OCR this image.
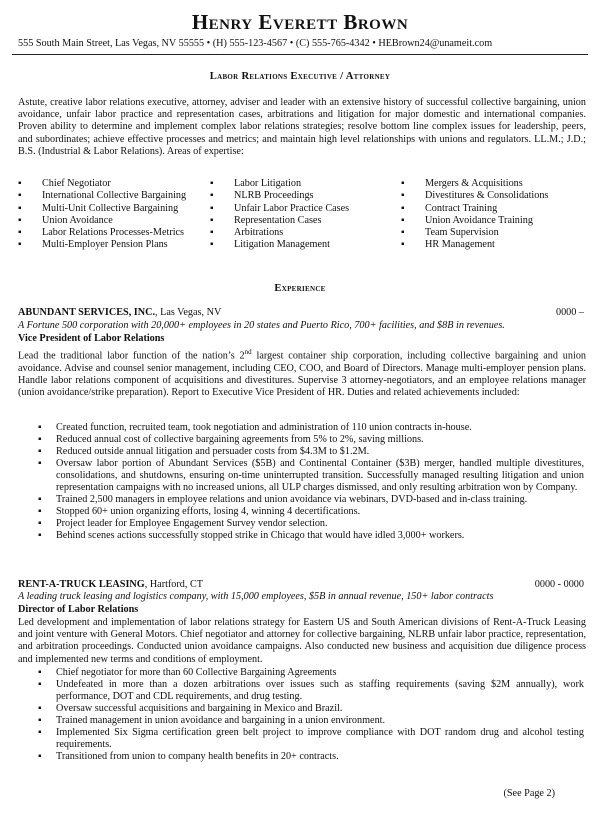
Henry Everett Brown
555 South Main Street, Las Vegas, NV 55555 • (H) 555-123-4567 • (C) 555-765-4342 • HEBrown24@unameit.com
Labor Relations Executive / Attorney

Astute, creative labor relations executive, attorney, adviser and leader with an extensive history of successful collective bargaining, union avoidance, unfair labor practice and representation cases, arbitrations and litigation for major domestic and international companies. Proven ability to determine and implement complex labor relations strategies; resolve bottom line complex issues for leadership, peers, and subordinates; achieve effective processes and metrics; and maintain high level relationships with unions and regulators. LL.M.; J.D.; B.S. (Industrial & Labor Relations). Areas of expertise:

▪ Chief Negotiator
▪ International Collective Bargaining
▪ Multi-Unit Collective Bargaining
▪ Union Avoidance
▪ Labor Relations Processes-Metrics
▪ Multi-Employer Pension Plans
▪ Labor Litigation
▪ NLRB Proceedings
▪ Unfair Labor Practice Cases
▪ Representation Cases
▪ Arbitrations
▪ Litigation Management
▪ Mergers & Acquisitions
▪ Divestitures & Consolidations
▪ Contract Training
▪ Union Avoidance Training
▪ Team Supervision
▪ HR Management
Experience
ABUNDANT SERVICES, INC., Las Vegas, NV	0000 –
A Fortune 500 corporation with 20,000+ employees in 20 states and Puerto Rico, 700+ facilities, and $8B in revenues.
Vice President of Labor Relations

Lead the traditional labor function of the nation’s 2nd largest container ship corporation, including collective bargaining and union avoidance. Advise and counsel senior management, including CEO, COO, and Board of Directors. Manage multi-employer pension plans. Handle labor relations component of acquisitions and divestitures. Supervise 3 attorney-negotiators, and an employee relations manager (union avoidance/strike preparation). Report to Executive Vice President of HR. Duties and related achievements included:

▪ Created function, recruited team, took negotiation and administration of 110 union contracts in-house.
▪ Reduced annual cost of collective bargaining agreements from 5% to 2%, saving millions.
▪ Reduced outside annual litigation and persuader costs from $4.3M to $1.2M.
▪ Oversaw labor portion of Abundant Services ($5B) and Continental Container ($3B) merger, handled multiple divestitures, consolidations, and shutdowns, ensuring on-time uninterrupted transition. Successfully managed resulting litigation and union representation campaigns with no increased unions, all ULP charges dismissed, and only resulting arbitration won by Company.
▪ Trained 2,500 managers in employee relations and union avoidance via webinars, DVD-based and in-class training.
▪ Stopped 60+ union organizing efforts, losing 4, winning 4 decertifications.
▪ Project leader for Employee Engagement Survey vendor selection.
▪ Behind scenes actions successfully stopped strike in Chicago that would have idled 3,000+ workers.
RENT-A-TRUCK LEASING, Hartford, CT	0000 - 0000
A leading truck leasing and logistics company, with 15,000 employees, $5B in annual revenue, 150+ labor contracts
Director of Labor Relations

Led development and implementation of labor relations strategy for Eastern US and South American divisions of Rent-A-Truck Leasing and joint venture with General Motors. Chief negotiator and attorney for collective bargaining, NLRB unfair labor practice, representation, and arbitration proceedings. Conducted union avoidance campaigns. Also conducted new business and acquisition due diligence process and implemented new terms and conditions of employment.

▪ Chief negotiator for more than 60 Collective Bargaining Agreements
▪ Undefeated in more than a dozen arbitrations over issues such as staffing requirements (saving $2M annually), work performance, DOT and CDL requirements, and drug testing.
▪ Oversaw successful acquisitions and bargaining in Mexico and Brazil.
▪ Trained management in union avoidance and bargaining in a union environment.
▪ Implemented Six Sigma certification green belt project to improve compliance with DOT random drug and alcohol testing requirements.
▪ Transitioned from union to company health benefits in 20+ contracts.
(See Page 2)
